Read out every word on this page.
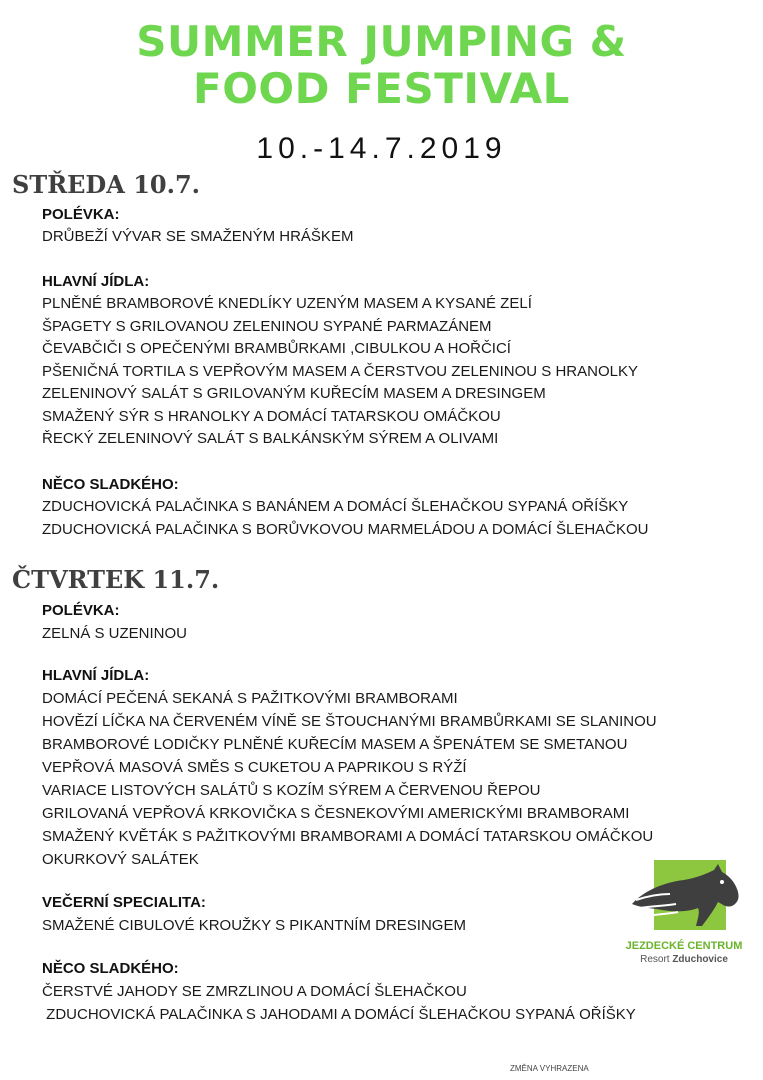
SUMMER JUMPING &
FOOD FESTIVAL
10.-14.7.2019
STŘEDA 10.7.
POLÉVKA:
DRŮBEŽÍ VÝVAR SE SMAŽENÝM HRÁŠKEM
HLAVNÍ JÍDLA:
PLNĚNÉ BRAMBOROVÉ KNEDLÍKY UZENÝM MASEM A KYSANÉ ZELÍ
ŠPAGETY S GRILOVANOU ZELENINOU SYPANÉ PARMAZÁNEM
ČEVABČIČI S OPEČENÝMI BRAMBŮRKAMI ,CIBULKOU A HOŘČICÍ
PŠENIČNÁ TORTILA S VEPŘOVÝM MASEM A ČERSTVOU ZELENINOU S HRANOLKY
ZELENINOVÝ SALÁT S GRILOVANÝM KUŘECÍM MASEM A DRESINGEM
SMAŽENÝ SÝR S HRANOLKY A DOMÁCÍ TATARSKOU OMÁČKOU
ŘECKÝ ZELENINOVÝ SALÁT S BALKÁNSKÝM SÝREM A OLIVAMI
NĚCO SLADKÉHO:
ZDUCHOVICKÁ PALAČINKA S BANÁNEM A DOMÁCÍ ŠLEHAČKOU SYPANÁ OŘÍŠKY
ZDUCHOVICKÁ PALAČINKA S BORŮVKOVOU MARMELÁDOU A DOMÁCÍ ŠLEHAČKOU
ČTVRTEK 11.7.
POLÉVKA:
ZELNÁ S UZENINOU
HLAVNÍ JÍDLA:
DOMÁCÍ PEČENÁ SEKANÁ S PAŽITKOVÝMI BRAMBORAMI
HOVĚZÍ LÍČKA NA ČERVENÉM VÍNĚ SE ŠTOUCHANÝMI BRAMBŮRKAMI SE SLANINOU
BRAMBOROVÉ LODIČKY PLNĚNÉ KUŘECÍM MASEM A ŠPENÁTEM SE SMETANOU
VEPŘOVÁ MASOVÁ SMĚS S CUKETOU A PAPRIKOU S RÝŽÍ
VARIACE LISTOVÝCH SALÁTŮ S KOZÍM SÝREM A ČERVENOU ŘEPOU
GRILOVANÁ VEPŘOVÁ KRKOVIČKA S ČESNEKOVÝMI AMERICKÝMI BRAMBORAMI
SMAŽENÝ KVĚTÁK S PAŽITKOVÝMI BRAMBORAMI A DOMÁCÍ TATARSKOU OMÁČKOU
OKURKOVÝ SALÁTEK
VEČERNÍ SPECIALITA:
SMAŽENÉ CIBULOVÉ KROUŽKY S PIKANTNÍM DRESINGEM
NĚCO SLADKÉHO:
ČERSTVÉ JAHODY SE ZMRZLINOU A DOMÁCÍ ŠLEHAČKOU
ZDUCHOVICKÁ PALAČINKA S JAHODAMI A DOMÁCÍ ŠLEHAČKOU SYPANÁ OŘÍŠKY
JEZDECKÉ CENTRUM
Resort Zduchovice
ZMĚNA VYHRAZENA
